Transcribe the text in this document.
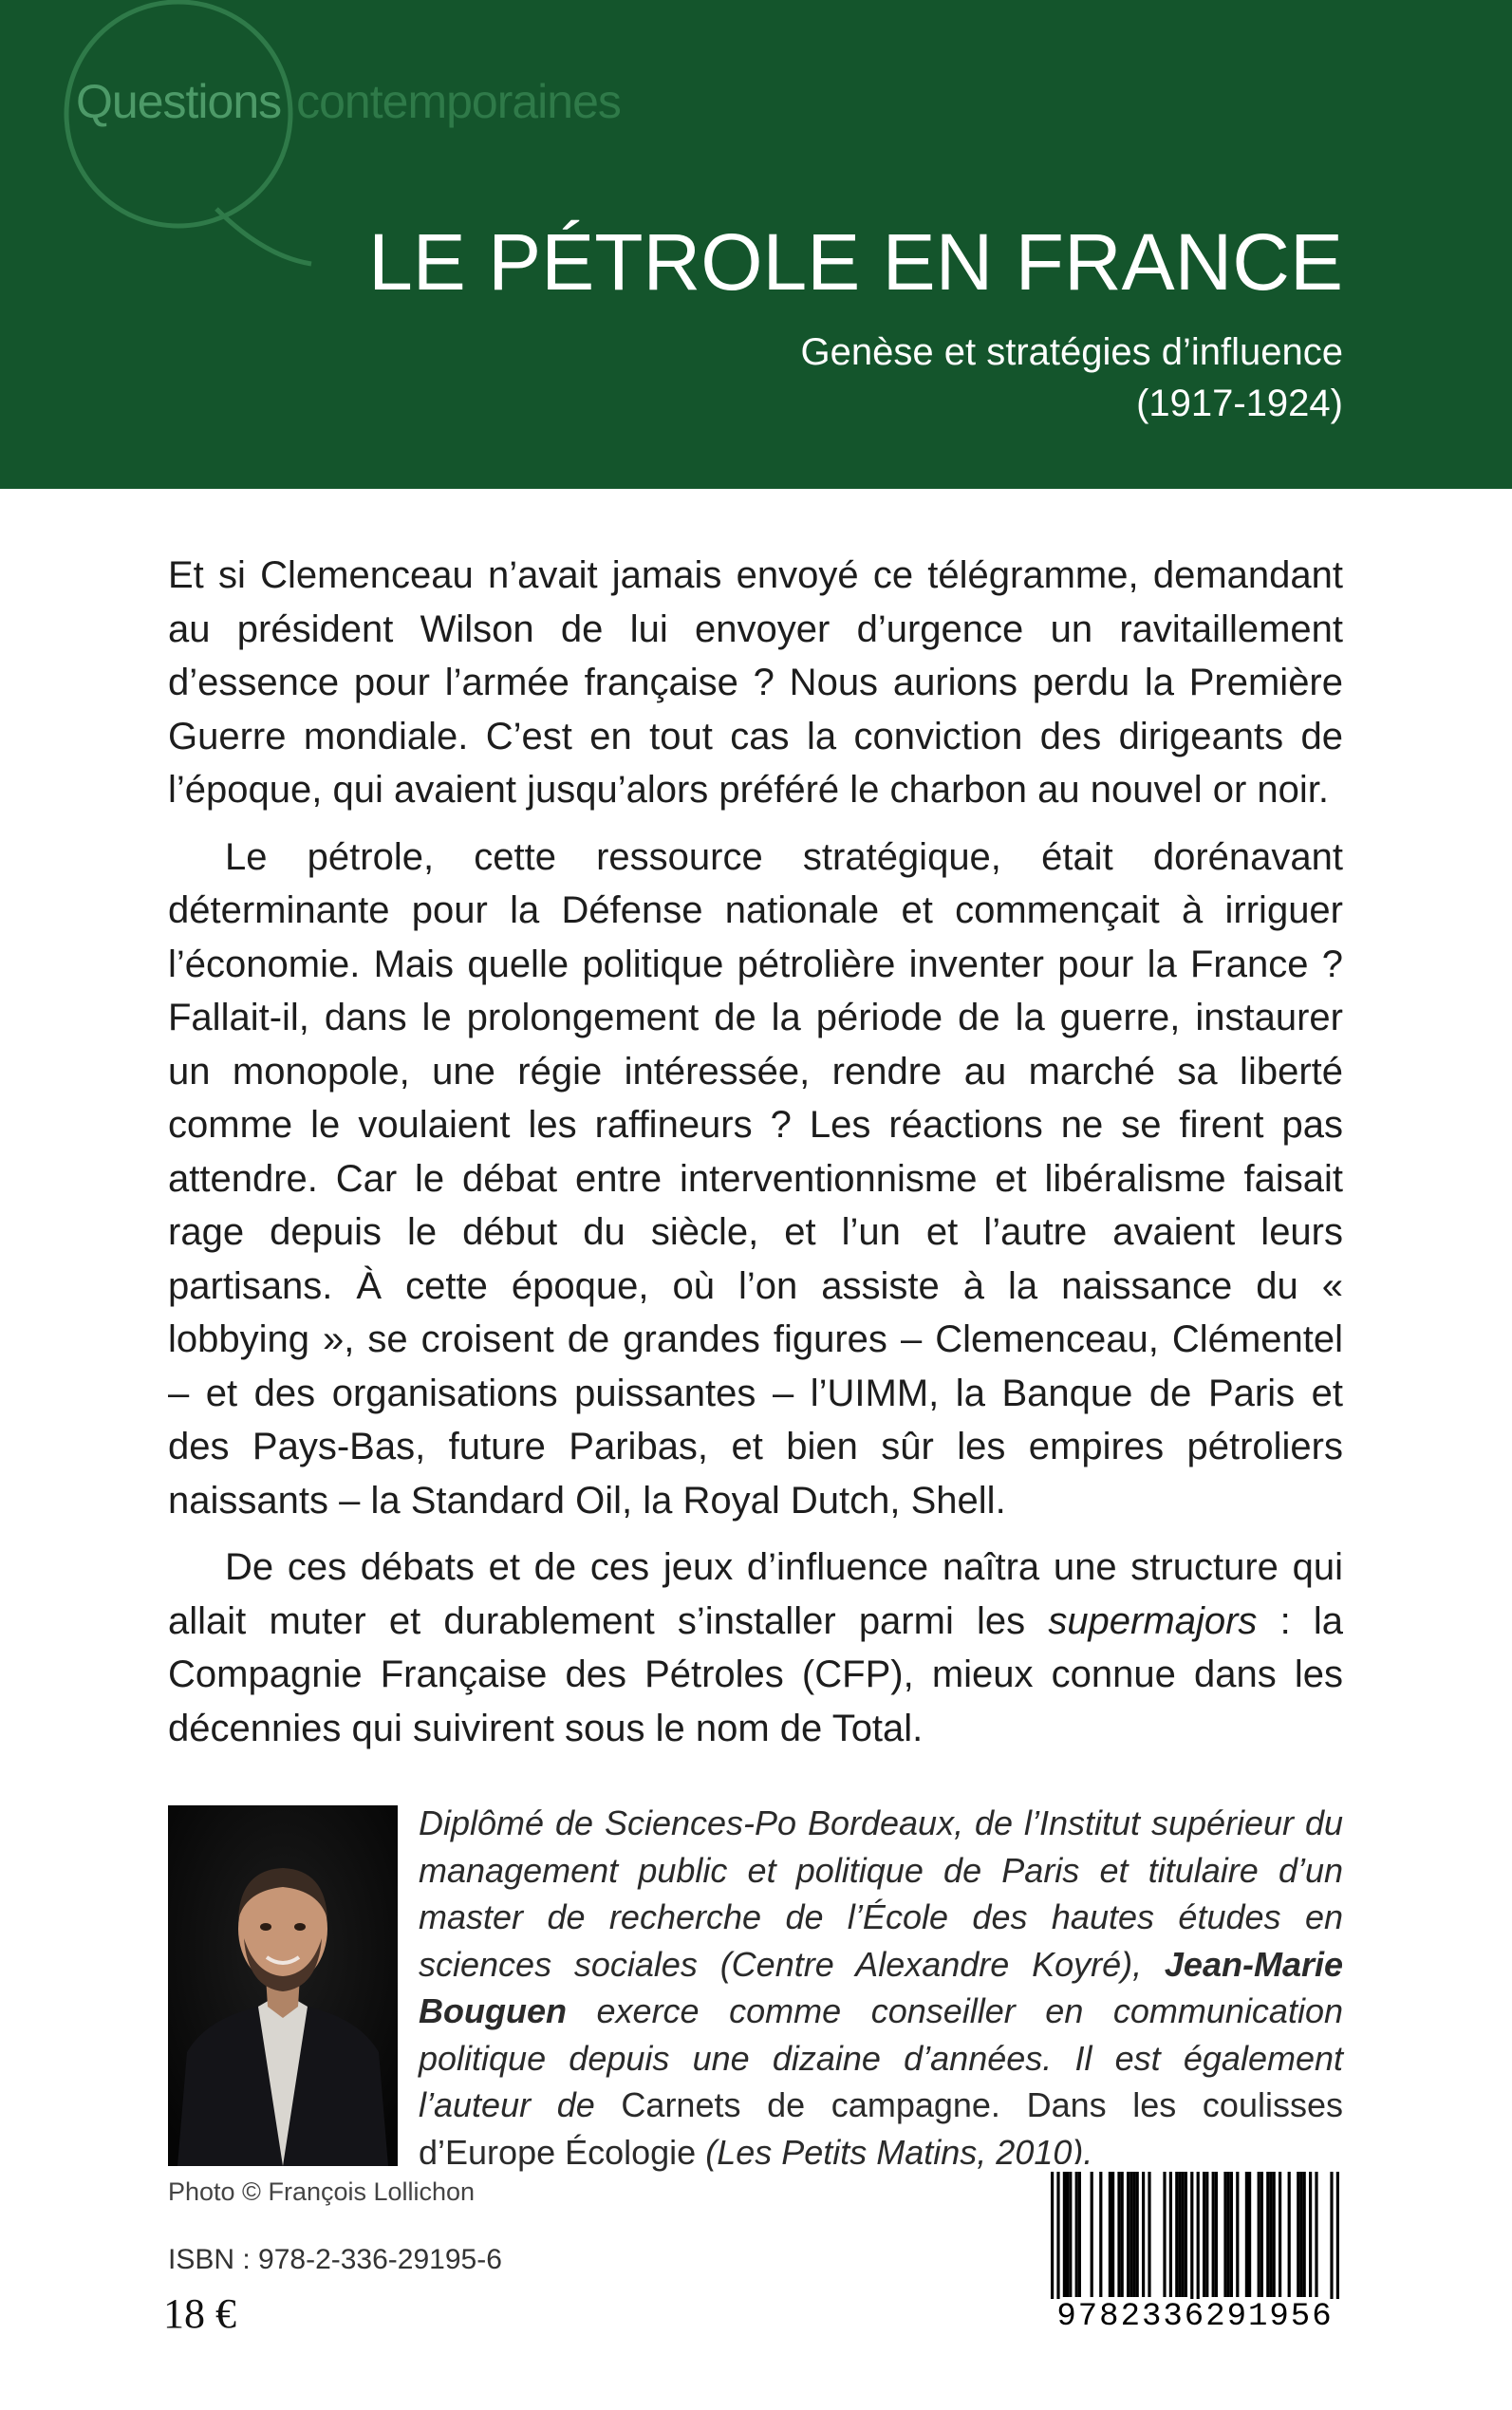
Questions contemporaines
LE PÉTROLE EN FRANCE
Genèse et stratégies d’influence
(1917-1924)

Et si Clemenceau n’avait jamais envoyé ce télégramme, demandant au président Wilson de lui envoyer d’urgence un ravitaillement d’essence pour l’armée française ? Nous aurions perdu la Première Guerre mondiale. C’est en tout cas la conviction des dirigeants de l’époque, qui avaient jusqu’alors préféré le charbon au nouvel or noir.

Le pétrole, cette ressource stratégique, était dorénavant déterminante pour la Défense nationale et commençait à irriguer l’économie. Mais quelle politique pétrolière inventer pour la France ? Fallait-il, dans le prolongement de la période de la guerre, instaurer un monopole, une régie intéressée, rendre au marché sa liberté comme le voulaient les raffineurs ? Les réactions ne se firent pas attendre. Car le débat entre interventionnisme et libéralisme faisait rage depuis le début du siècle, et l’un et l’autre avaient leurs partisans. À cette époque, où l’on assiste à la naissance du « lobbying », se croisent de grandes figures – Clemenceau, Clémentel – et des organisations puissantes – l’UIMM, la Banque de Paris et des Pays-Bas, future Paribas, et bien sûr les empires pétroliers naissants – la Standard Oil, la Royal Dutch, Shell.

De ces débats et de ces jeux d’influence naîtra une structure qui allait muter et durablement s’installer parmi les supermajors : la Compagnie Française des Pétroles (CFP), mieux connue dans les décennies qui suivirent sous le nom de Total.

Photo © François Lollichon
Diplômé de Sciences-Po Bordeaux, de l’Institut supérieur du management public et politique de Paris et titulaire d’un master de recherche de l’École des hautes études en sciences sociales (Centre Alexandre Koyré), Jean-Marie Bouguen exerce comme conseiller en communication politique depuis une dizaine d’années. Il est également l’auteur de Carnets de campagne. Dans les coulisses d’Europe Écologie (Les Petits Matins, 2010).
ISBN : 978-2-336-29195-6
18 €	9782336291956
